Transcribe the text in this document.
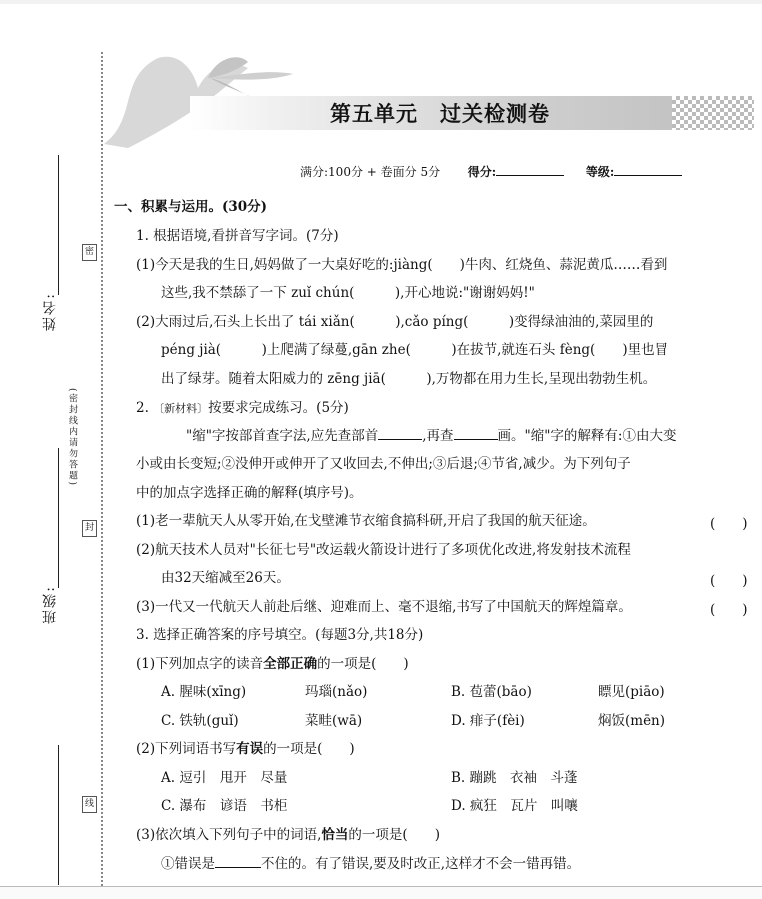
第五单元　过关检测卷
满分:100分 + 卷面分 5分 得分:	等级:
姓名:
班级:
密
封
线
(密封线内请勿答题)
一、积累与运用。(30分)
1. 根据语境,看拼音写字词。(7分)
(1)今天是我的生日,妈妈做了一大桌好吃的:jiàng(　　)牛肉、红烧鱼、蒜泥黄瓜……看到
这些,我不禁舔了一下 zuǐ chún(　　　),开心地说:"谢谢妈妈!"
(2)大雨过后,石头上长出了 tái xiǎn(　　　),cǎo píng(　　　)变得绿油油的,菜园里的
péng jià(　　　)上爬满了绿蔓,gān zhe(　　　)在拔节,就连石头 fèng(　　)里也冒
出了绿芽。随着太阳威力的 zēng jiā(　　　),万物都在用力生长,呈现出勃勃生机。
2. 〔新材料〕按要求完成练习。(5分)
"缩"字按部首查字法,应先查部首	,再查	画。"缩"字的解释有:①由大变
小或由长变短;②没伸开或伸开了又收回去,不伸出;③后退;④节省,减少。为下列句子
中的加点字选择正确的解释(填序号)。
(1)老一辈航天人从零开始,在戈壁滩节衣缩食搞科研,开启了我国的航天征途。	(　　)
(2)航天技术人员对"长征七号"改运载火箭设计进行了多项优化改进,将发射技术流程
由32天缩减至26天。	(　　)
(3)一代又一代航天人前赴后继、迎难而上、毫不退缩,书写了中国航天的辉煌篇章。	(　　)
3. 选择正确答案的序号填空。(每题3分,共18分)
(1)下列加点字的读音全部正确的一项是(　　)
A. 腥味(xīng)	玛瑙(nǎo)	B. 苞蕾(bāo)	瞟见(piāo)
C. 铁轨(guǐ)	菜畦(wā)	D. 痱子(fèi)	焖饭(mēn)
(2)下列词语书写有误的一项是(　　)
A. 逗引　甩开　尽量	B. 蹦跳　衣袖　斗蓬
C. 瀑布　谚语　书柜	D. 疯狂　瓦片　叫嚷
(3)依次填入下列句子中的词语,恰当的一项是(　　)
①错误是	不住的。有了错误,要及时改正,这样才不会一错再错。
